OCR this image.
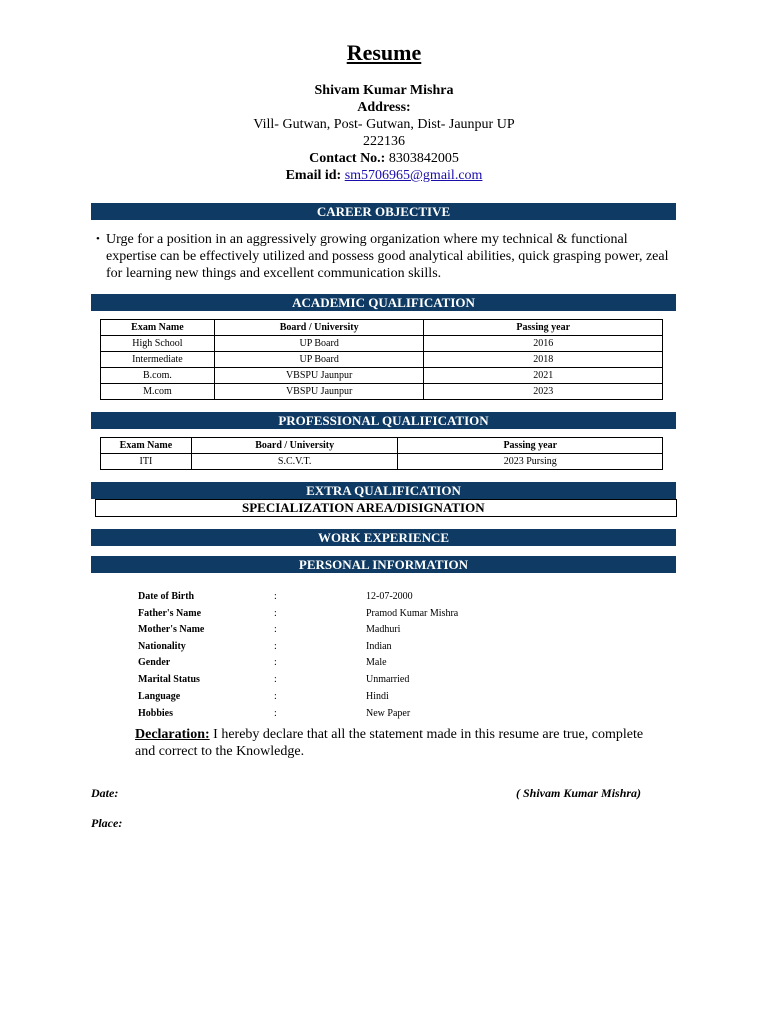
Resume
Shivam Kumar Mishra
Address:
Vill- Gutwan, Post- Gutwan, Dist- Jaunpur UP
222136
Contact No.: 8303842005
Email id: sm5706965@gmail.com
CAREER OBJECTIVE
• Urge for a position in an aggressively growing organization where my technical & functional expertise can be effectively utilized and possess good analytical abilities, quick grasping power, zeal for learning new things and excellent communication skills.
ACADEMIC QUALIFICATION
Exam Name	Board / University	Passing year
High School	UP Board	2016
Intermediate	UP Board	2018
B.com.	VBSPU Jaunpur	2021
M.com	VBSPU Jaunpur	2023
PROFESSIONAL QUALIFICATION
Exam Name	Board / University	Passing year
ITI	S.C.V.T.	2023 Pursing
EXTRA QUALIFICATION
SPECIALIZATION AREA/DISIGNATION
WORK EXPERIENCE
PERSONAL INFORMATION
Date of Birth	:	12-07-2000
Father's Name	:	Pramod Kumar Mishra
Mother's Name	:	Madhuri
Nationality	:	Indian
Gender	:	Male
Marital Status	:	Unmarried
Language	:	Hindi
Hobbies	:	New Paper
Declaration: I hereby declare that all the statement made in this resume are true, complete and correct to the Knowledge.
Date:
Place:
( Shivam Kumar Mishra)
